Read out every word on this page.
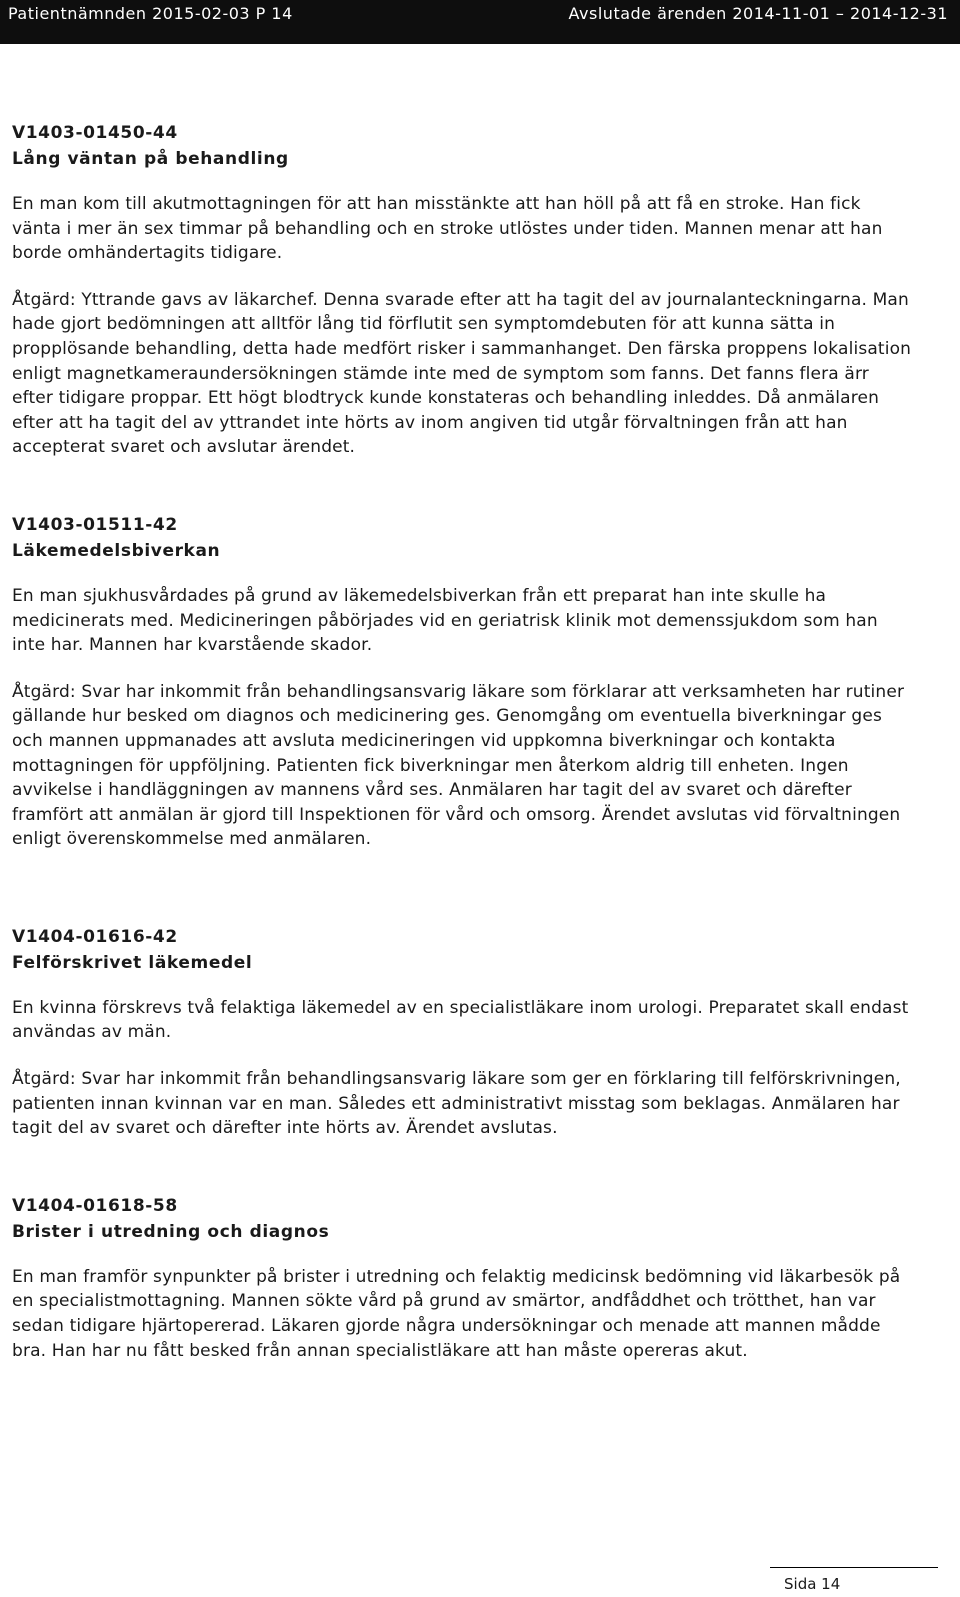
Patientnämnden 2015-02-03 P 14	Avslutade ärenden 2014-11-01 – 2014-12-31

V1403-01450-44

Lång väntan på behandling

En man kom till akutmottagningen för att han misstänkte att han höll på att få en stroke. Han fick vänta i mer än sex timmar på behandling och en stroke utlöstes under tiden. Mannen menar att han borde omhändertagits tidigare.

Åtgärd: Yttrande gavs av läkarchef. Denna svarade efter att ha tagit del av journalanteckningarna. Man hade gjort bedömningen att alltför lång tid förflutit sen symptomdebuten för att kunna sätta in propplösande behandling, detta hade medfört risker i sammanhanget. Den färska proppens lokalisation enligt magnetkameraundersökningen stämde inte med de symptom som fanns. Det fanns flera ärr efter tidigare proppar. Ett högt blodtryck kunde konstateras och behandling inleddes. Då anmälaren efter att ha tagit del av yttrandet inte hörts av inom angiven tid utgår förvaltningen från att han accepterat svaret och avslutar ärendet.

V1403-01511-42

Läkemedelsbiverkan

En man sjukhusvårdades på grund av läkemedelsbiverkan från ett preparat han inte skulle ha medicinerats med. Medicineringen påbörjades vid en geriatrisk klinik mot demenssjukdom som han inte har. Mannen har kvarstående skador.

Åtgärd: Svar har inkommit från behandlingsansvarig läkare som förklarar att verksamheten har rutiner gällande hur besked om diagnos och medicinering ges. Genomgång om eventuella biverkningar ges och mannen uppmanades att avsluta medicineringen vid uppkomna biverkningar och kontakta mottagningen för uppföljning. Patienten fick biverkningar men återkom aldrig till enheten. Ingen avvikelse i handläggningen av mannens vård ses. Anmälaren har tagit del av svaret och därefter framfört att anmälan är gjord till Inspektionen för vård och omsorg. Ärendet avslutas vid förvaltningen enligt överenskommelse med anmälaren.

V1404-01616-42

Felförskrivet läkemedel

En kvinna förskrevs två felaktiga läkemedel av en specialistläkare inom urologi. Preparatet skall endast användas av män.

Åtgärd: Svar har inkommit från behandlingsansvarig läkare som ger en förklaring till felförskrivningen, patienten innan kvinnan var en man. Således ett administrativt misstag som beklagas. Anmälaren har tagit del av svaret och därefter inte hörts av. Ärendet avslutas.

V1404-01618-58

Brister i utredning och diagnos

En man framför synpunkter på brister i utredning och felaktig medicinsk bedömning vid läkarbesök på en specialistmottagning. Mannen sökte vård på grund av smärtor, andfåddhet och trötthet, han var sedan tidigare hjärtopererad. Läkaren gjorde några undersökningar och menade att mannen mådde bra. Han har nu fått besked från annan specialistläkare att han måste opereras akut.

Sida 14
